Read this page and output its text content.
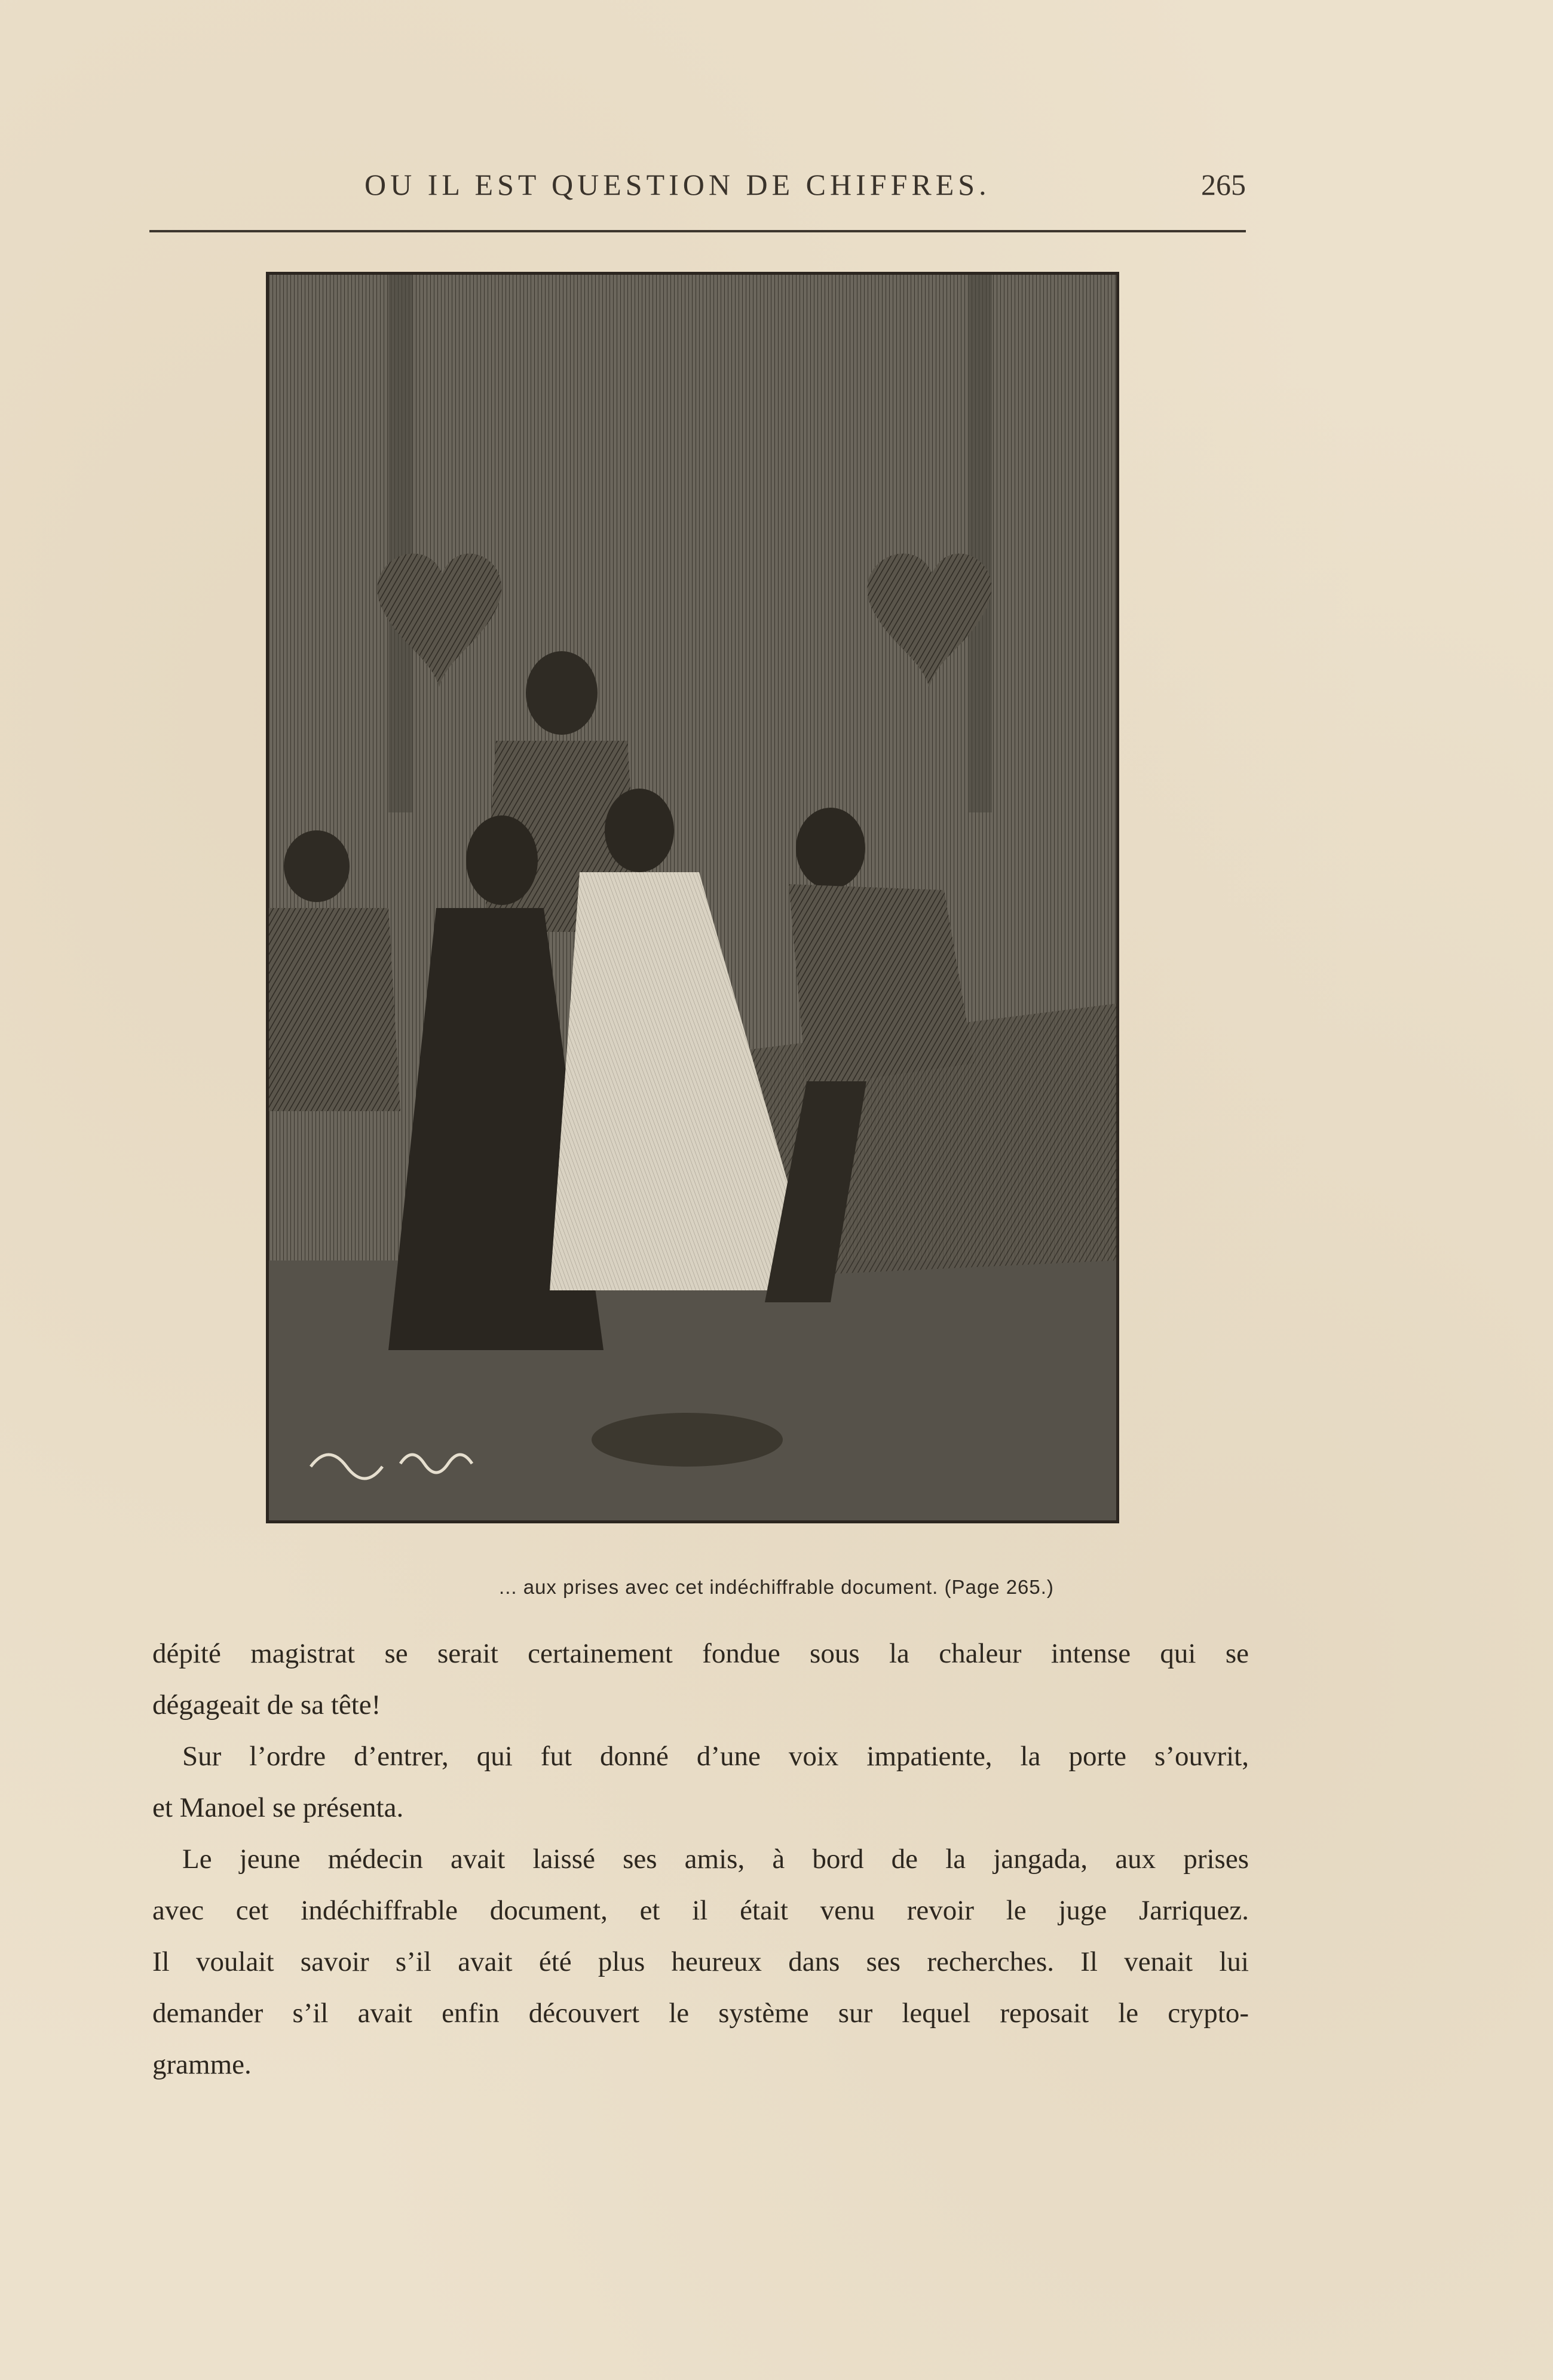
OU IL EST QUESTION DE CHIFFRES.	265
... aux prises avec cet indéchiffrable document. (Page 265.)
dépité magistrat se serait certainement fondue sous la chaleur intense qui se
dégageait de sa tête!
Sur l’ordre d’entrer, qui fut donné d’une voix impatiente, la porte s’ouvrit,
et Manoel se présenta.
Le jeune médecin avait laissé ses amis, à bord de la jangada, aux prises
avec cet indéchiffrable document, et il était venu revoir le juge Jarriquez.
Il voulait savoir s’il avait été plus heureux dans ses recherches. Il venait lui
demander s’il avait enfin découvert le système sur lequel reposait le crypto-
gramme.
